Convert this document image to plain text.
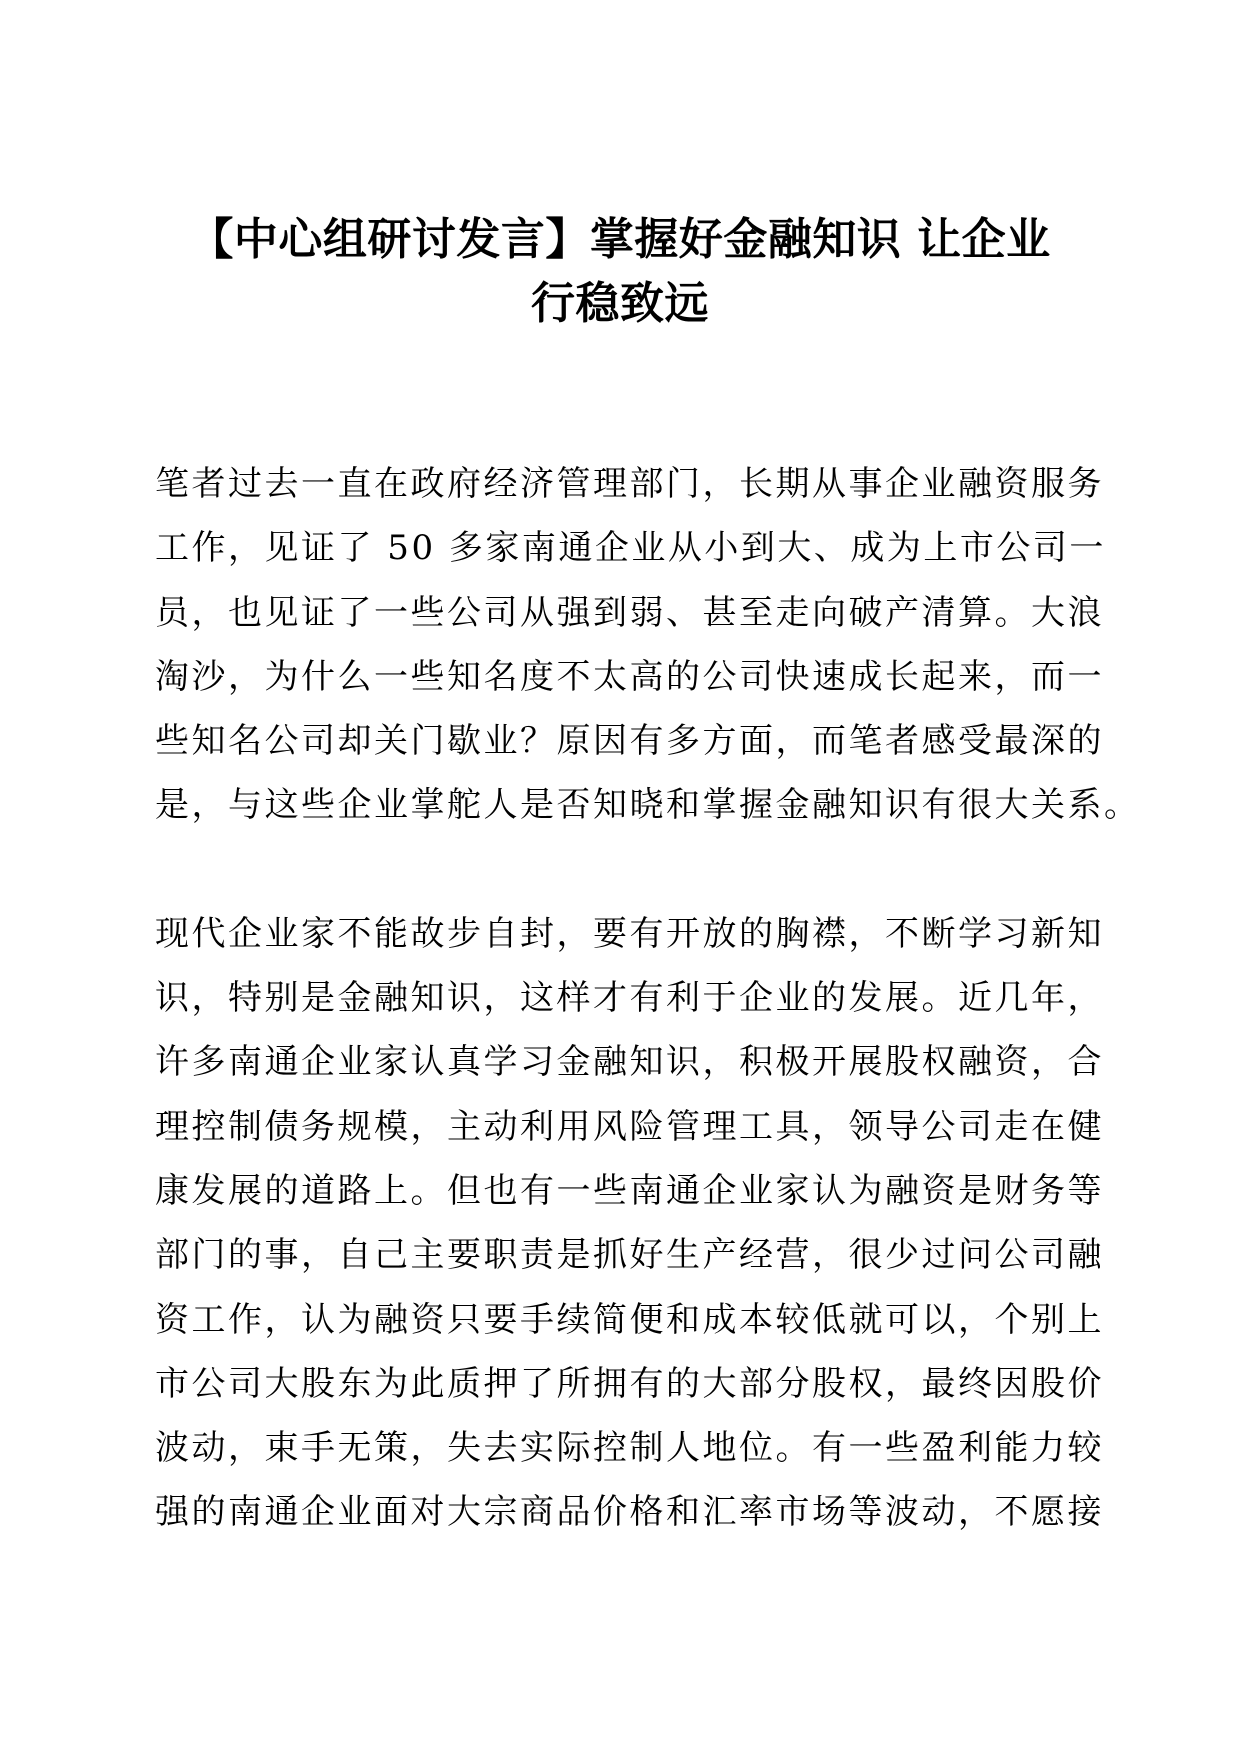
【中心组研讨发言】掌握好金融知识 让企业
行稳致远

笔者过去一直在政府经济管理部门，长期从事企业融资服务
工作，见证了 50 多家南通企业从小到大、成为上市公司一
员，也见证了一些公司从强到弱、甚至走向破产清算。大浪
淘沙，为什么一些知名度不太高的公司快速成长起来，而一
些知名公司却关门歇业？原因有多方面，而笔者感受最深的
是，与这些企业掌舵人是否知晓和掌握金融知识有很大关系。

现代企业家不能故步自封，要有开放的胸襟，不断学习新知
识，特别是金融知识，这样才有利于企业的发展。近几年，
许多南通企业家认真学习金融知识，积极开展股权融资，合
理控制债务规模，主动利用风险管理工具，领导公司走在健
康发展的道路上。但也有一些南通企业家认为融资是财务等
部门的事，自己主要职责是抓好生产经营，很少过问公司融
资工作，认为融资只要手续简便和成本较低就可以，个别上
市公司大股东为此质押了所拥有的大部分股权，最终因股价
波动，束手无策，失去实际控制人地位。有一些盈利能力较
强的南通企业面对大宗商品价格和汇率市场等波动，不愿接
